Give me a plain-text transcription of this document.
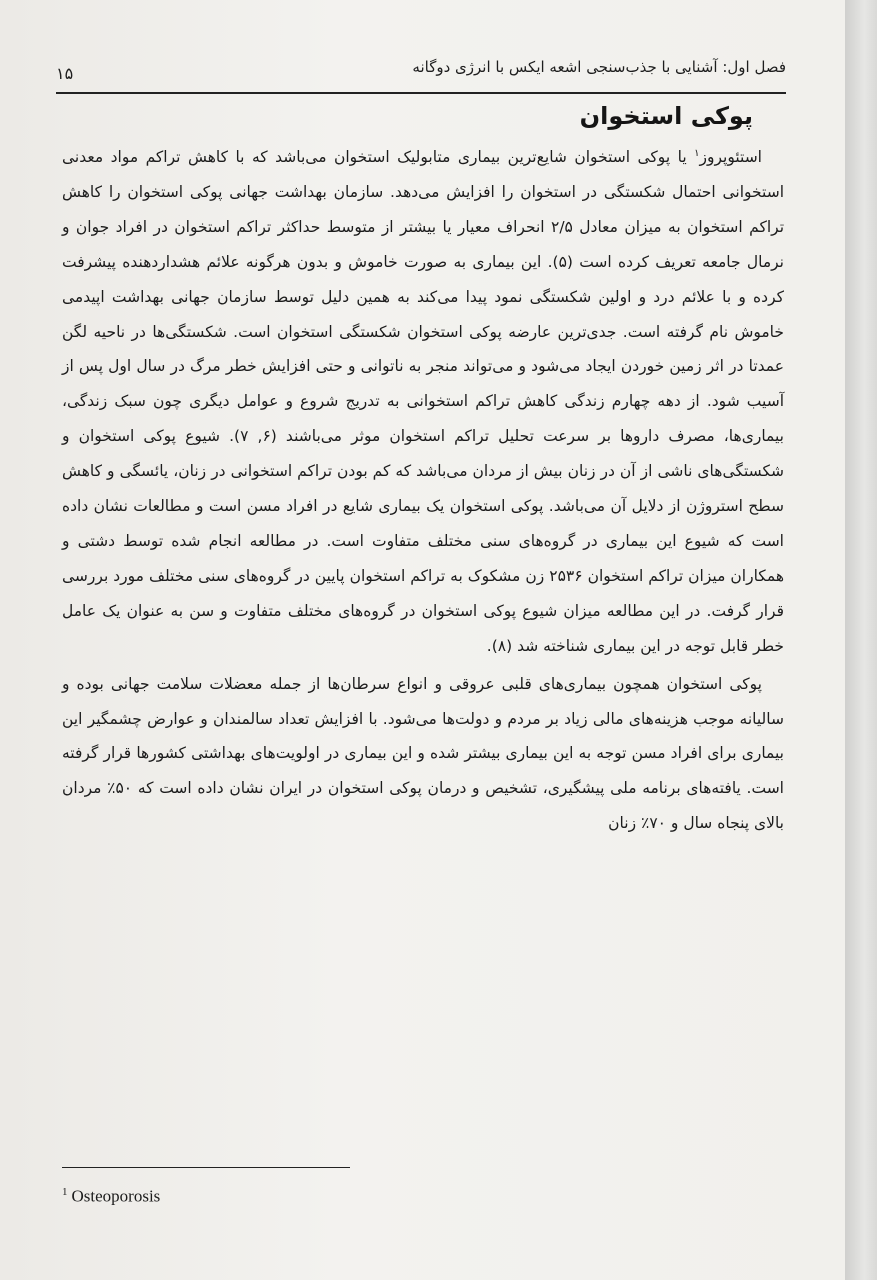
فصل اول: آشنایی با جذب‌سنجی اشعه ایکس با انرژی دوگانه
۱۵
پوکی استخوان

استئوپروز$^۱$ یا پوکی استخوان شایع‌ترین بیماری متابولیک استخوان می‌باشد که با کاهش تراکم مواد معدنی استخوانی احتمال شکستگی در استخوان را افزایش می‌دهد. سازمان بهداشت جهانی پوکی استخوان را کاهش تراکم استخوان به میزان معادل ۲/۵ انحراف معیار یا بیشتر از متوسط حداکثر تراکم استخوان در افراد جوان و نرمال جامعه تعریف کرده است (۵). این بیماری به صورت خاموش و بدون هرگونه علائم هشداردهنده پیشرفت کرده و با علائم درد و اولین شکستگی نمود پیدا می‌کند به همین دلیل توسط سازمان جهانی بهداشت اپیدمی خاموش نام گرفته است. جدی‌ترین عارضه پوکی استخوان شکستگی استخوان است. شکستگی‌ها در ناحیه لگن عمدتا در اثر زمین خوردن ایجاد می‌شود و می‌تواند منجر به ناتوانی و حتی افزایش خطر مرگ در سال اول پس از آسیب شود. از دهه چهارم زندگی کاهش تراکم استخوانی به تدریج شروع و عوامل دیگری چون سبک زندگی، بیماری‌ها، مصرف داروها بر سرعت تحلیل تراکم استخوان موثر می‌باشند (۶, ۷). شیوع پوکی استخوان و شکستگی‌های ناشی از آن در زنان بیش از مردان می‌باشد که کم بودن تراکم استخوانی در زنان، یائسگی و کاهش سطح استروژن از دلایل آن می‌باشد. پوکی استخوان یک بیماری شایع در افراد مسن است و مطالعات نشان داده است که شیوع این بیماری در گروه‌های سنی مختلف متفاوت است. در مطالعه انجام شده توسط دشتی و همکاران میزان تراکم استخوان ۲۵۳۶ زن مشکوک به تراکم استخوان پایین در گروه‌های سنی مختلف مورد بررسی قرار گرفت. در این مطالعه میزان شیوع پوکی استخوان در گروه‌های مختلف متفاوت و سن به عنوان یک عامل خطر قابل توجه در این بیماری شناخته شد (۸).

پوکی استخوان همچون بیماری‌های قلبی عروقی و انواع سرطان‌ها از جمله معضلات سلامت جهانی بوده و سالیانه موجب هزینه‌های مالی زیاد بر مردم و دولت‌ها می‌شود. با افزایش تعداد سالمندان و عوارض چشمگیر این بیماری برای افراد مسن توجه به این بیماری بیشتر شده و این بیماری در اولویت‌های بهداشتی کشورها قرار گرفته است. یافته‌های برنامه ملی پیشگیری، تشخیص و درمان پوکی استخوان در ایران نشان داده است که ۵۰٪ مردان بالای پنجاه سال و ۷۰٪ زنان

$^1$ Osteoporosis
